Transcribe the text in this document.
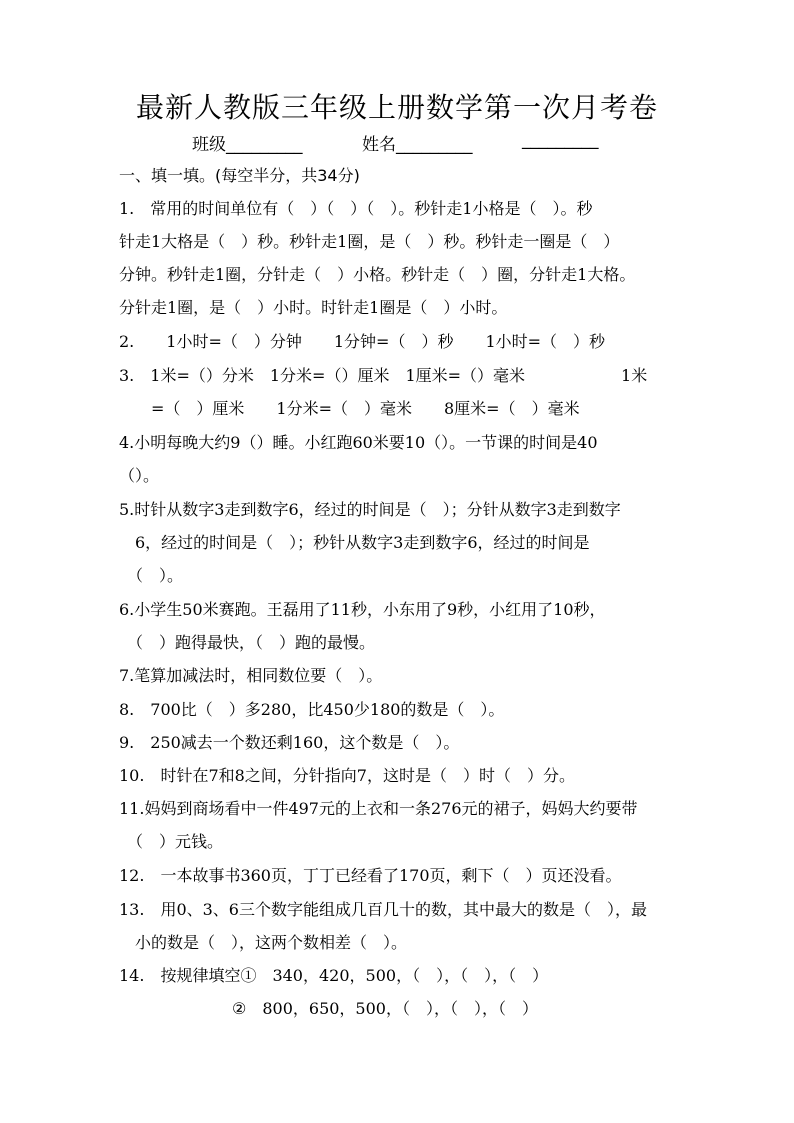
最新人教版三年级上册数学第一次月考卷
班级_________	姓名_________	_________
一、填一填。(每空半分，共34分)
1.　常用的时间单位有（　）（　）（　）。秒针走1小格是（　）。秒
针走1大格是（　）秒。秒针走1圈，是（　）秒。秒针走一圈是（　）
分钟。秒针走1圈，分针走（　）小格。秒针走（　）圈，分针走1大格。
分针走1圈，是（　）小时。时针走1圈是（　）小时。
2.　　1小时=（　）分钟　　1分钟=（　）秒　　1小时=（　）秒
3.　1米=（）分米　1分米=（）厘米　1厘米=（）毫米　　　　　　1米
　　=（　）厘米　　1分米=（　）毫米　　8厘米=（　）毫米
4.小明每晚大约9（）睡。小红跑60米要10（）。一节课的时间是40
（）。
5.时针从数字3走到数字6，经过的时间是（　）；分针从数字3走到数字
　6，经过的时间是（　）；秒针从数字3走到数字6，经过的时间是
　（　）。
6.小学生50米赛跑。王磊用了11秒，小东用了9秒，小红用了10秒，
　（　）跑得最快，（　）跑的最慢。
7.笔算加减法时，相同数位要（　）。
8.　700比（　）多280，比450少180的数是（　）。
9.　250减去一个数还剩160，这个数是（　）。
10.　时针在7和8之间，分针指向7，这时是（　）时（　）分。
11.妈妈到商场看中一件497元的上衣和一条276元的裙子，妈妈大约要带
　（　）元钱。
12.　一本故事书360页，丁丁已经看了170页，剩下（　）页还没看。
13.　用0、3、6三个数字能组成几百几十的数，其中最大的数是（　），最
　小的数是（　），这两个数相差（　）。
14.　按规律填空①　340，420，500，（　），（　），（　）
②　800，650，500，（　），（　），（　）
